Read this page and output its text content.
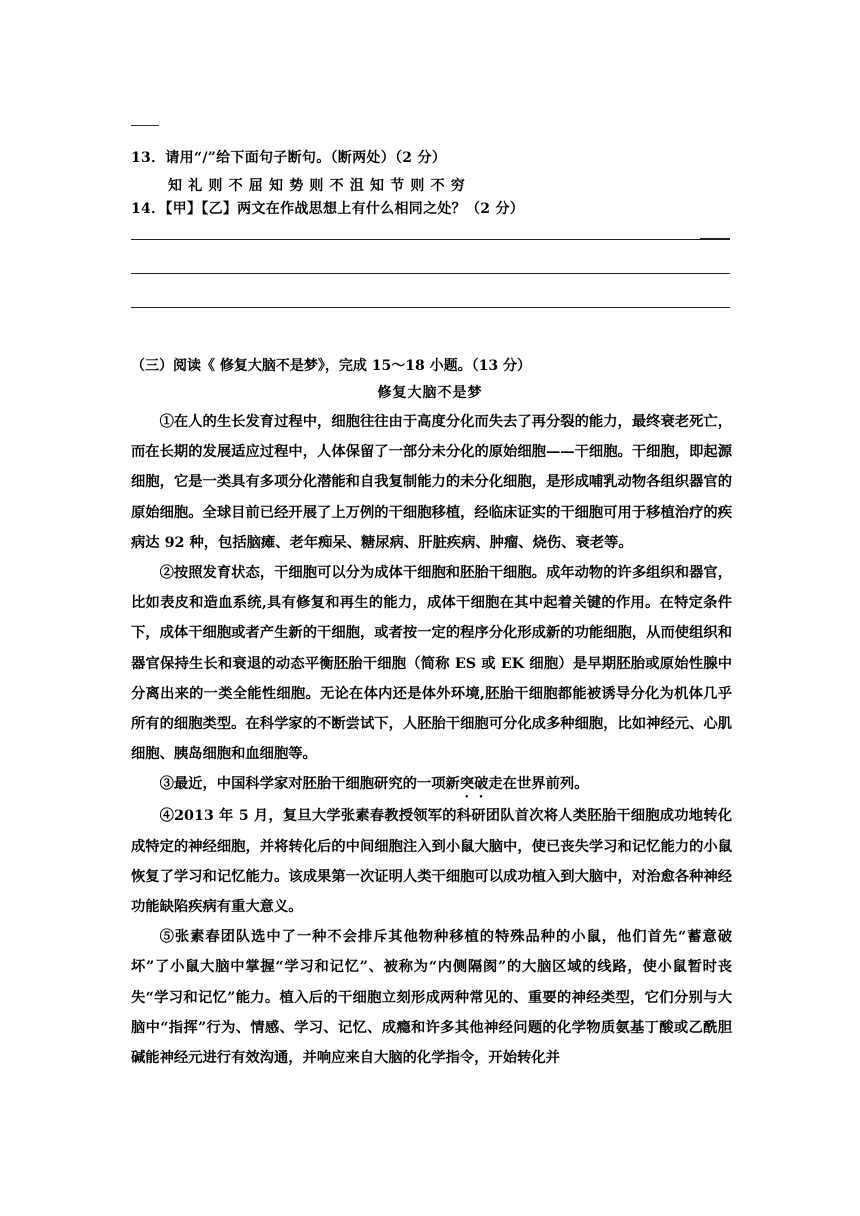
13．请用“/”给下面句子断句。（断两处）（2 分）
知礼则不屈知势则不沮知节则不穷
14．【甲】【乙】两文在作战思想上有什么相同之处？（2 分）
（三）阅读《 修复大脑不是梦》，完成 15～18 小题。（13 分）
修复大脑不是梦

①在人的生长发育过程中，细胞往往由于高度分化而失去了再分裂的能力，最终衰老死亡，而在长期的发展适应过程中，人体保留了一部分未分化的原始细胞——干细胞。干细胞，即起源细胞，它是一类具有多项分化潜能和自我复制能力的未分化细胞，是形成哺乳动物各组织器官的原始细胞。全球目前已经开展了上万例的干细胞移植，经临床证实的干细胞可用于移植治疗的疾病达 92 种，包括脑瘫、老年痴呆、糖尿病、肝脏疾病、肿瘤、烧伤、衰老等。

②按照发育状态，干细胞可以分为成体干细胞和胚胎干细胞。成年动物的许多组织和器官，比如表皮和造血系统,具有修复和再生的能力，成体干细胞在其中起着关键的作用。在特定条件下，成体干细胞或者产生新的干细胞，或者按一定的程序分化形成新的功能细胞，从而使组织和器官保持生长和衰退的动态平衡胚胎干细胞（简称 ES 或 EK 细胞）是早期胚胎或原始性腺中分离出来的一类全能性细胞。无论在体内还是体外环境,胚胎干细胞都能被诱导分化为机体几乎所有的细胞类型。在科学家的不断尝试下，人胚胎干细胞可分化成多种细胞，比如神经元、心肌细胞、胰岛细胞和血细胞等。

③最近，中国科学家对胚胎干细胞研究的一项新突破走在世界前列。

④2013 年 5 月，复旦大学张素春教授领军的科研团队首次将人类胚胎干细胞成功地转化成特定的神经细胞，并将转化后的中间细胞注入到小鼠大脑中，使已丧失学习和记忆能力的小鼠恢复了学习和记忆能力。该成果第一次证明人类干细胞可以成功植入到大脑中，对治愈各种神经功能缺陷疾病有重大意义。

⑤张素春团队选中了一种不会排斥其他物种移植的特殊品种的小鼠，他们首先“蓄意破坏”了小鼠大脑中掌握“学习和记忆”、被称为“内侧隔阂”的大脑区域的线路，使小鼠暂时丧失“学习和记忆”能力。植入后的干细胞立刻形成两种常见的、重要的神经类型，它们分别与大脑中“指挥”行为、情感、学习、记忆、成瘾和许多其他神经问题的化学物质氨基丁酸或乙酰胆碱能神经元进行有效沟通，并响应来自大脑的化学指令，开始转化并
